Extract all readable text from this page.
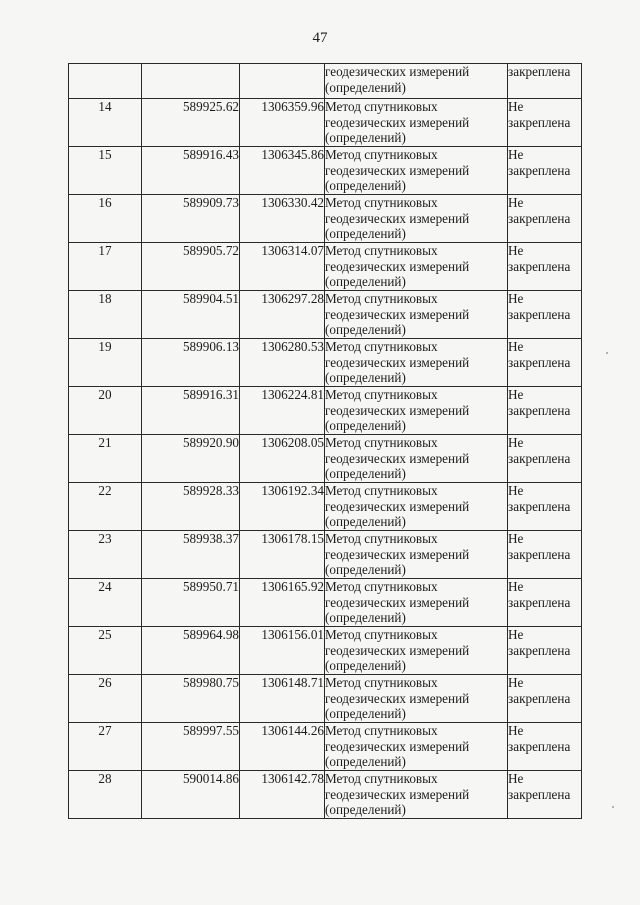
47

			геодезических измерений
(определений)	закреплена

14	589925.62	1306359.96	Метод спутниковых
геодезических измерений
(определений)	Не
закреплена

15	589916.43	1306345.86	Метод спутниковых
геодезических измерений
(определений)	Не
закреплена

16	589909.73	1306330.42	Метод спутниковых
геодезических измерений
(определений)	Не
закреплена

17	589905.72	1306314.07	Метод спутниковых
геодезических измерений
(определений)	Не
закреплена

18	589904.51	1306297.28	Метод спутниковых
геодезических измерений
(определений)	Не
закреплена

19	589906.13	1306280.53	Метод спутниковых
геодезических измерений
(определений)	Не
закреплена

20	589916.31	1306224.81	Метод спутниковых
геодезических измерений
(определений)	Не
закреплена

21	589920.90	1306208.05	Метод спутниковых
геодезических измерений
(определений)	Не
закреплена

22	589928.33	1306192.34	Метод спутниковых
геодезических измерений
(определений)	Не
закреплена

23	589938.37	1306178.15	Метод спутниковых
геодезических измерений
(определений)	Не
закреплена

24	589950.71	1306165.92	Метод спутниковых
геодезических измерений
(определений)	Не
закреплена

25	589964.98	1306156.01	Метод спутниковых
геодезических измерений
(определений)	Не
закреплена

26	589980.75	1306148.71	Метод спутниковых
геодезических измерений
(определений)	Не
закреплена

27	589997.55	1306144.26	Метод спутниковых
геодезических измерений
(определений)	Не
закреплена

28	590014.86	1306142.78	Метод спутниковых
геодезических измерений
(определений)	Не
закреплена
